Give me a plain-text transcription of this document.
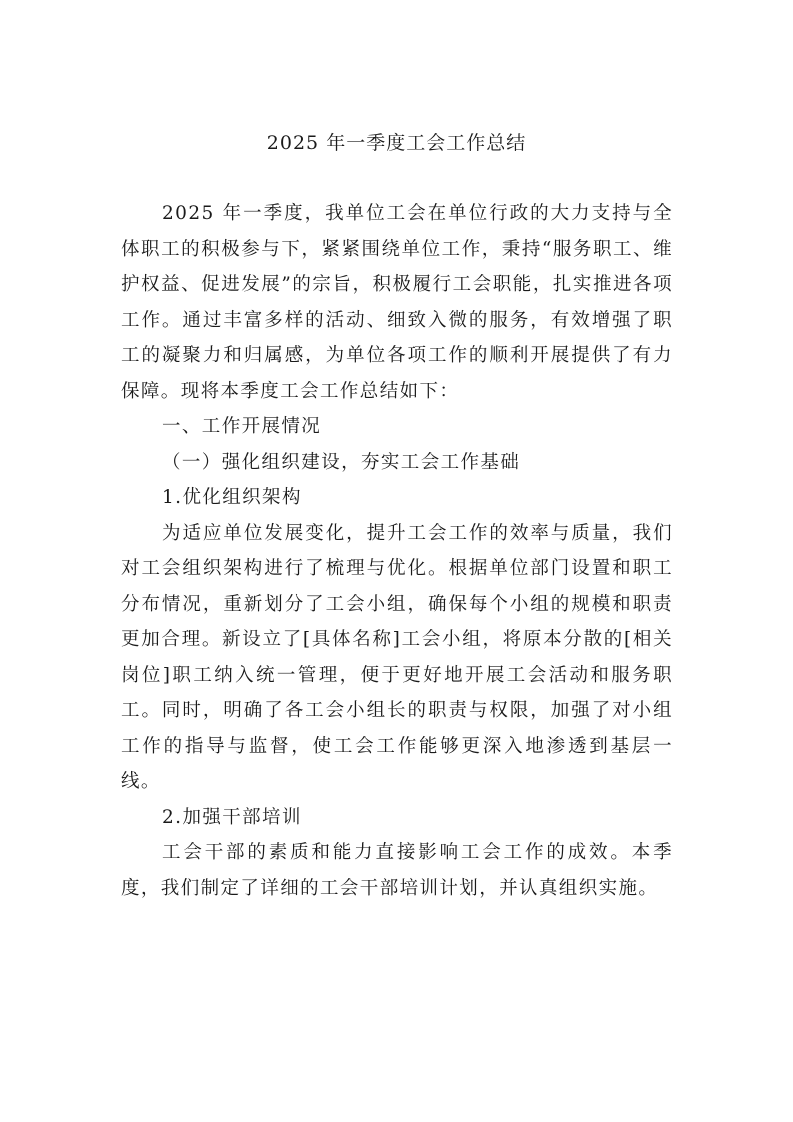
2025 年一季度工会工作总结

2025 年一季度，我单位工会在单位行政的大力支持与全体职工的积极参与下，紧紧围绕单位工作，秉持“服务职工、维护权益、促进发展”的宗旨，积极履行工会职能，扎实推进各项工作。通过丰富多样的活动、细致入微的服务，有效增强了职工的凝聚力和归属感，为单位各项工作的顺利开展提供了有力保障。现将本季度工会工作总结如下：

一、工作开展情况

（一）强化组织建设，夯实工会工作基础

1.优化组织架构

为适应单位发展变化，提升工会工作的效率与质量，我们对工会组织架构进行了梳理与优化。根据单位部门设置和职工分布情况，重新划分了工会小组，确保每个小组的规模和职责更加合理。新设立了[具体名称]工会小组，将原本分散的[相关岗位]职工纳入统一管理，便于更好地开展工会活动和服务职工。同时，明确了各工会小组长的职责与权限，加强了对小组工作的指导与监督，使工会工作能够更深入地渗透到基层一线。

2.加强干部培训

工会干部的素质和能力直接影响工会工作的成效。本季度，我们制定了详细的工会干部培训计划，并认真组织实施。
